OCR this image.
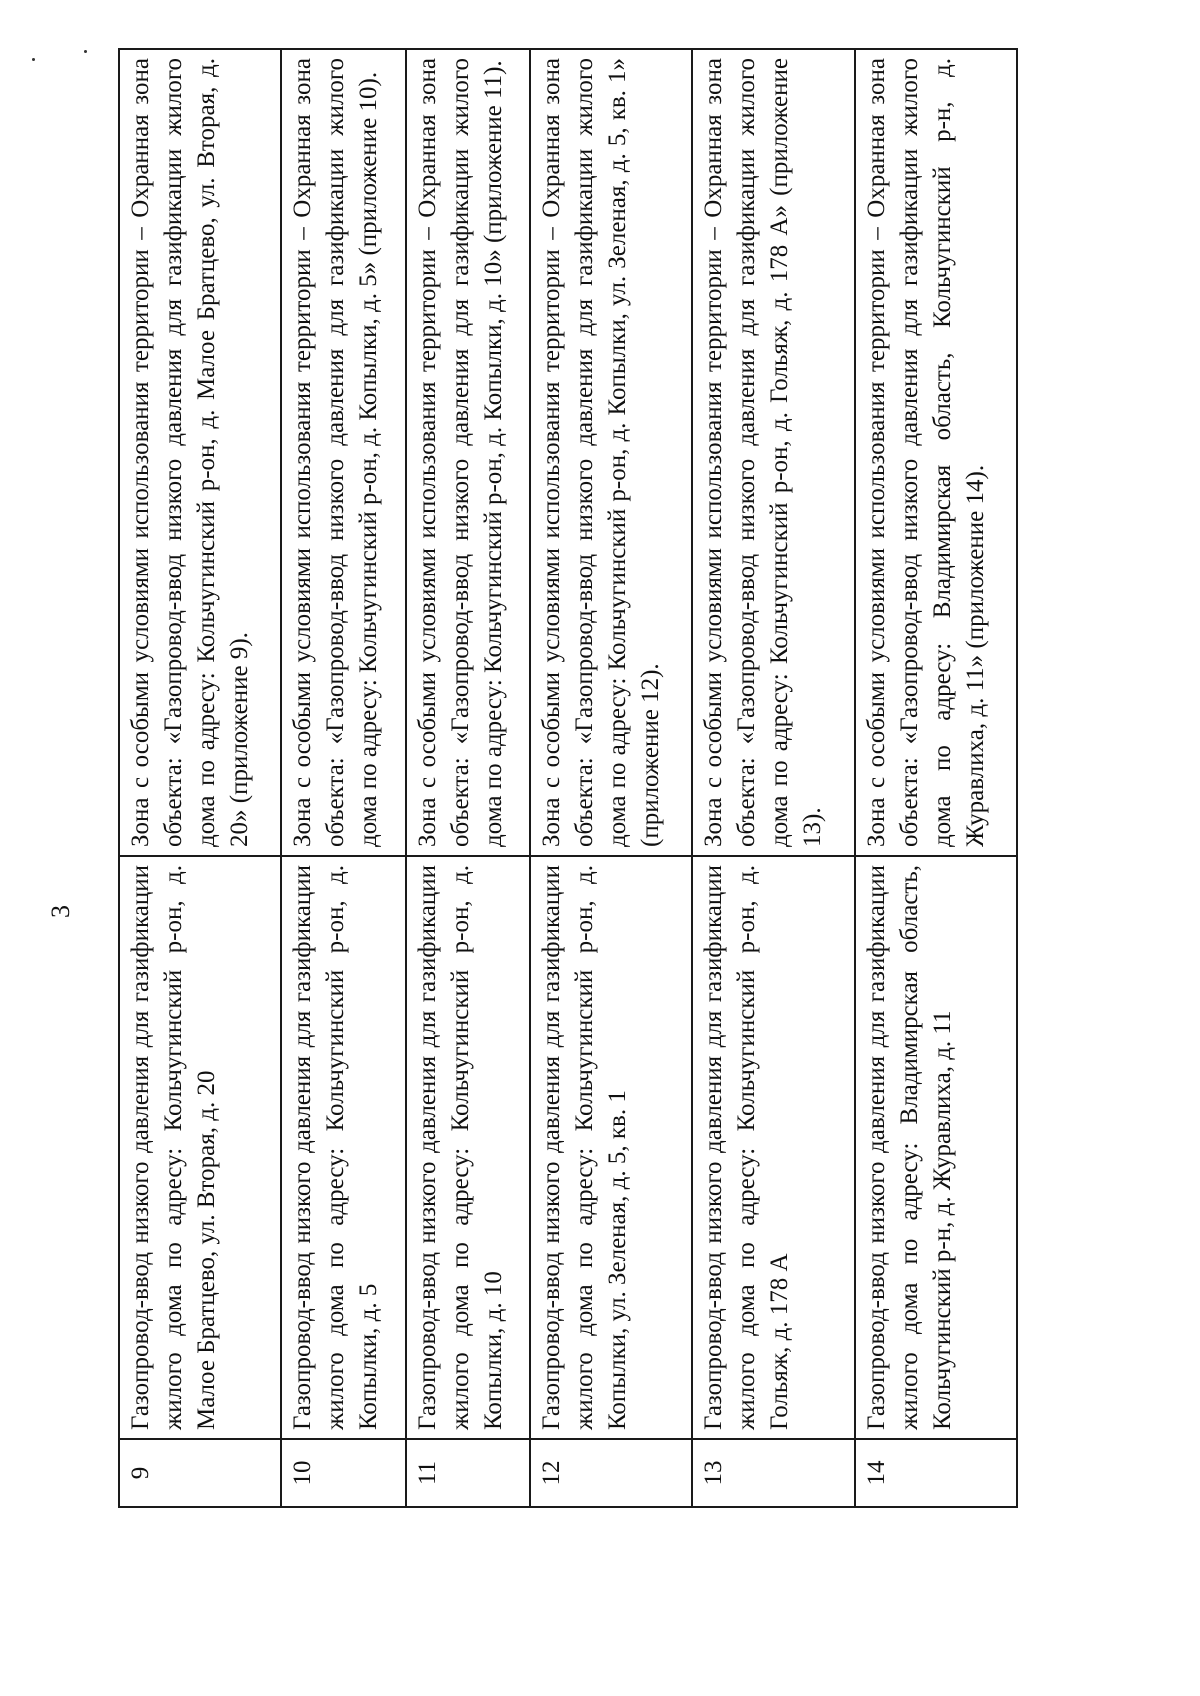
3
9	Газопровод-ввод низкого давления для газификации жилого дома по адресу: Кольчугинский р-он, д. Малое Братцево, ул. Вторая, д. 20	Зона с особыми условиями использования территории – Охранная зона объекта: «Газопровод-ввод низкого давления для газификации жилого дома по адресу: Кольчугинский р-он, д. Малое Братцево, ул. Вторая, д. 20» (приложение 9).
10	Газопровод-ввод низкого давления для газификации жилого дома по адресу: Кольчугинский р-он, д. Копылки, д. 5	Зона с особыми условиями использования территории – Охранная зона объекта: «Газопровод-ввод низкого давления для газификации жилого дома по адресу: Кольчугинский р-он, д. Копылки, д. 5» (приложение 10).
11	Газопровод-ввод низкого давления для газификации жилого дома по адресу: Кольчугинский р-он, д. Копылки, д. 10	Зона с особыми условиями использования территории – Охранная зона объекта: «Газопровод-ввод низкого давления для газификации жилого дома по адресу: Кольчугинский р-он, д. Копылки, д. 10» (приложение 11).
12	Газопровод-ввод низкого давления для газификации жилого дома по адресу: Кольчугинский р-он, д. Копылки, ул. Зеленая, д. 5, кв. 1	Зона с особыми условиями использования территории – Охранная зона объекта: «Газопровод-ввод низкого давления для газификации жилого дома по адресу: Кольчугинский р-он, д. Копылки, ул. Зеленая, д. 5, кв. 1» (приложение 12).
13	Газопровод-ввод низкого давления для газификации жилого дома по адресу: Кольчугинский р-он, д. Гольяж, д. 178 А	Зона с особыми условиями использования территории – Охранная зона объекта: «Газопровод-ввод низкого давления для газификации жилого дома по адресу: Кольчугинский р-он, д. Гольяж, д. 178 А» (приложение 13).
14	Газопровод-ввод низкого давления для газификации жилого дома по адресу: Владимирская область, Кольчугинский р-н, д. Журавлиха, д. 11	Зона с особыми условиями использования территории – Охранная зона объекта: «Газопровод-ввод низкого давления для газификации жилого дома по адресу: Владимирская область, Кольчугинский р-н, д. Журавлиха, д. 11» (приложение 14).
